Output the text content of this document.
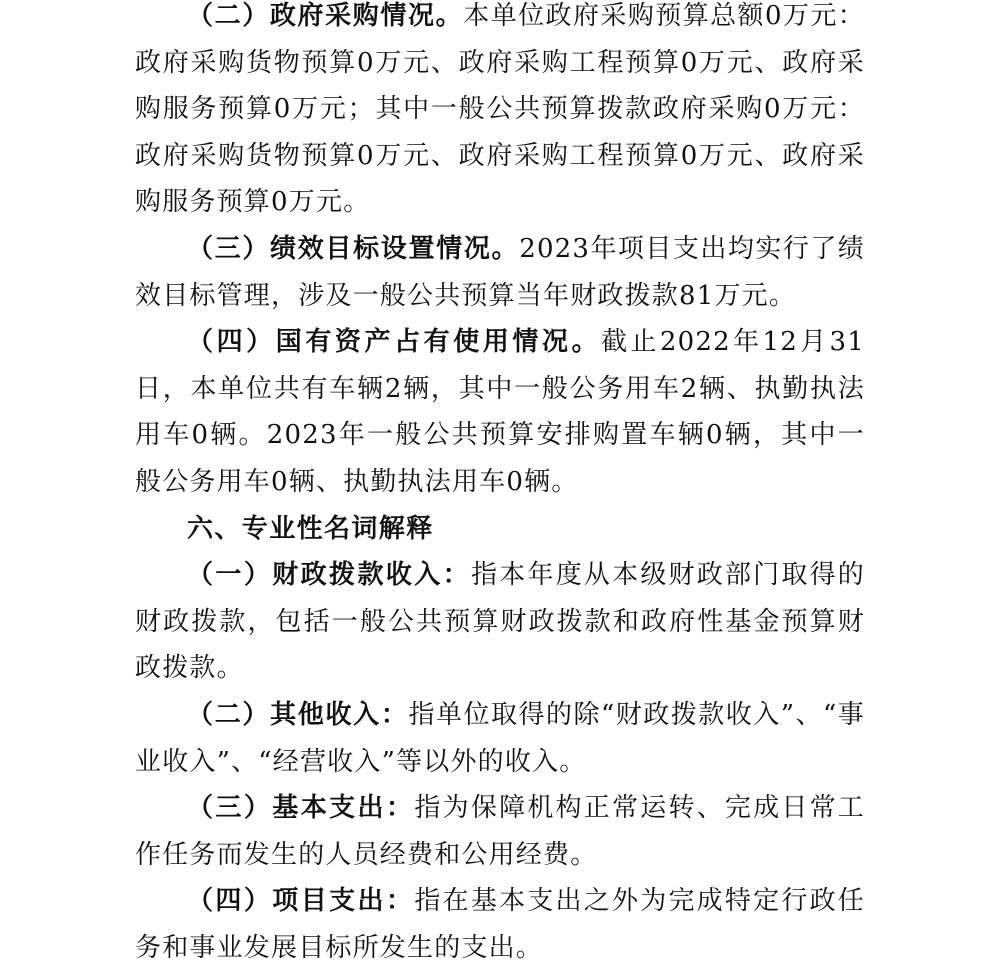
（二）政府采购情况。本单位政府采购预算总额0万元：政府采购货物预算0万元、政府采购工程预算0万元、政府采购服务预算0万元；其中一般公共预算拨款政府采购0万元：政府采购货物预算0万元、政府采购工程预算0万元、政府采购服务预算0万元。

（三）绩效目标设置情况。2023年项目支出均实行了绩效目标管理，涉及一般公共预算当年财政拨款81万元。

（四）国有资产占有使用情况。截止2022年12月31日，本单位共有车辆2辆，其中一般公务用车2辆、执勤执法用车0辆。2023年一般公共预算安排购置车辆0辆，其中一般公务用车0辆、执勤执法用车0辆。

六、专业性名词解释

（一）财政拨款收入：指本年度从本级财政部门取得的财政拨款，包括一般公共预算财政拨款和政府性基金预算财政拨款。

（二）其他收入：指单位取得的除“财政拨款收入”、“事业收入”、“经营收入”等以外的收入。

（三）基本支出：指为保障机构正常运转、完成日常工作任务而发生的人员经费和公用经费。

（四）项目支出：指在基本支出之外为完成特定行政任务和事业发展目标所发生的支出。
